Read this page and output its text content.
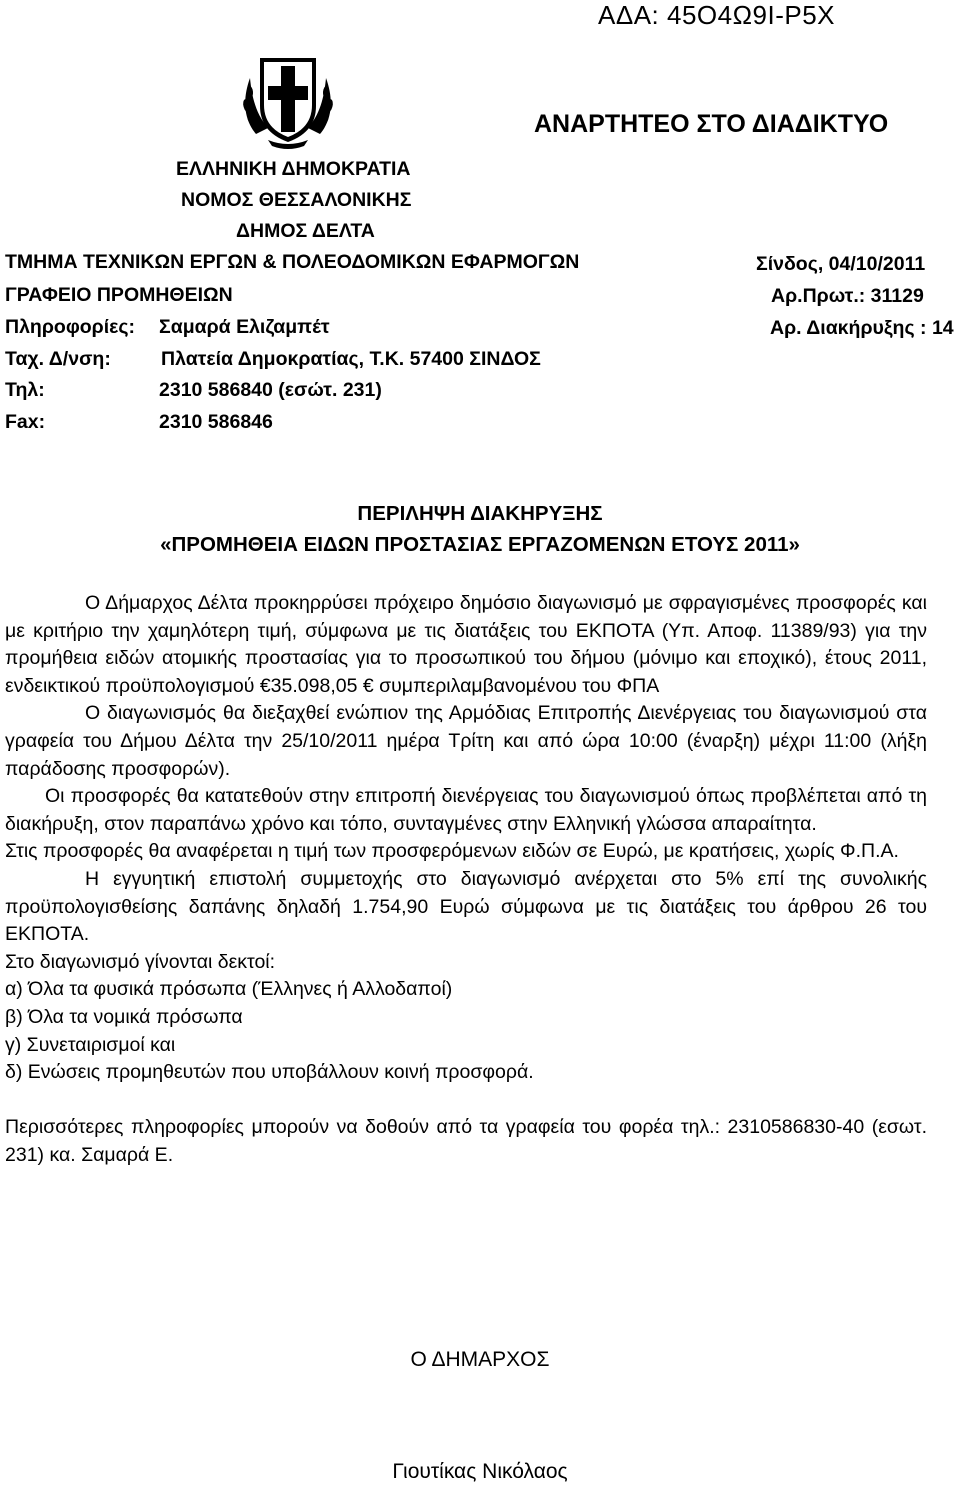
ΑΔΑ: 45Ο4Ω9Ι-Ρ5Χ
ΑΝΑΡΤΗΤΕΟ ΣΤΟ ΔΙΑΔΙΚΤΥΟ
ΕΛΛΗΝΙΚΗ ΔΗΜΟΚΡΑΤΙΑ
ΝΟΜΟΣ ΘΕΣΣΑΛΟΝΙΚΗΣ
ΔΗΜΟΣ ΔΕΛΤΑ
ΤΜΗΜΑ ΤΕΧΝΙΚΩΝ ΕΡΓΩΝ & ΠΟΛΕΟΔΟΜΙΚΩΝ ΕΦΑΡΜΟΓΩΝ
ΓΡΑΦΕΙΟ ΠΡΟΜΗΘΕΙΩΝ
Πληροφορίες: Σαμαρά Ελιζαμπέτ
Ταχ. Δ/νση:	Πλατεία Δημοκρατίας, Τ.Κ. 57400 ΣΙΝΔΟΣ
Τηλ:	2310 586840 (εσώτ. 231)
Fax:	2310 586846
Σίνδος, 04/10/2011
Αρ.Πρωτ.: 31129
Αρ. Διακήρυξης : 14
ΠΕΡΙΛΗΨΗ ΔΙΑΚΗΡΥΞΗΣ
«ΠΡΟΜΗΘΕΙΑ ΕΙΔΩΝ ΠΡΟΣΤΑΣΙΑΣ ΕΡΓΑΖΟΜΕΝΩΝ ΕΤΟΥΣ 2011»

Ο Δήμαρχος Δέλτα προκηρρύσει πρόχειρο δημόσιο διαγωνισμό με σφραγισμένες προσφορές και με κριτήριο την χαμηλότερη τιμή, σύμφωνα με τις διατάξεις του ΕΚΠΟΤΑ (Υπ. Αποφ. 11389/93) για την προμήθεια ειδών ατομικής προστασίας για το προσωπικού του δήμου (μόνιμο και εποχικό), έτους 2011, ενδεικτικού προϋπολογισμού €35.098,05 € συμπεριλαμβανομένου του ΦΠΑ

Ο διαγωνισμός θα διεξαχθεί ενώπιον της Αρμόδιας Επιτροπής Διενέργειας του διαγωνισμού στα γραφεία του Δήμου Δέλτα την 25/10/2011 ημέρα Τρίτη και από ώρα 10:00 (έναρξη) μέχρι 11:00 (λήξη παράδοσης προσφορών).

Οι προσφορές θα κατατεθούν στην επιτροπή διενέργειας του διαγωνισμού όπως προβλέπεται από τη διακήρυξη, στον παραπάνω χρόνο και τόπο, συνταγμένες στην Ελληνική γλώσσα απαραίτητα.

Στις προσφορές θα αναφέρεται η τιμή των προσφερόμενων ειδών σε Ευρώ, με κρατήσεις, χωρίς Φ.Π.Α.

Η εγγυητική επιστολή συμμετοχής στο διαγωνισμό ανέρχεται στο 5% επί της συνολικής προϋπολογισθείσης δαπάνης δηλαδή 1.754,90 Ευρώ σύμφωνα με τις διατάξεις του άρθρου 26 του ΕΚΠΟΤΑ.

Στο διαγωνισμό γίνονται δεκτοί:

α) Όλα τα φυσικά πρόσωπα (Έλληνες ή Αλλοδαποί)

β) Όλα τα νομικά πρόσωπα

γ) Συνεταιρισμοί και

δ) Ενώσεις προμηθευτών που υποβάλλουν κοινή προσφορά.

Περισσότερες πληροφορίες μπορούν να δοθούν από τα γραφεία του φορέα τηλ.: 2310586830-40 (εσωτ. 231) κα. Σαμαρά Ε.

Ο ΔΗΜΑΡΧΟΣ
Γιουτίκας Νικόλαος
